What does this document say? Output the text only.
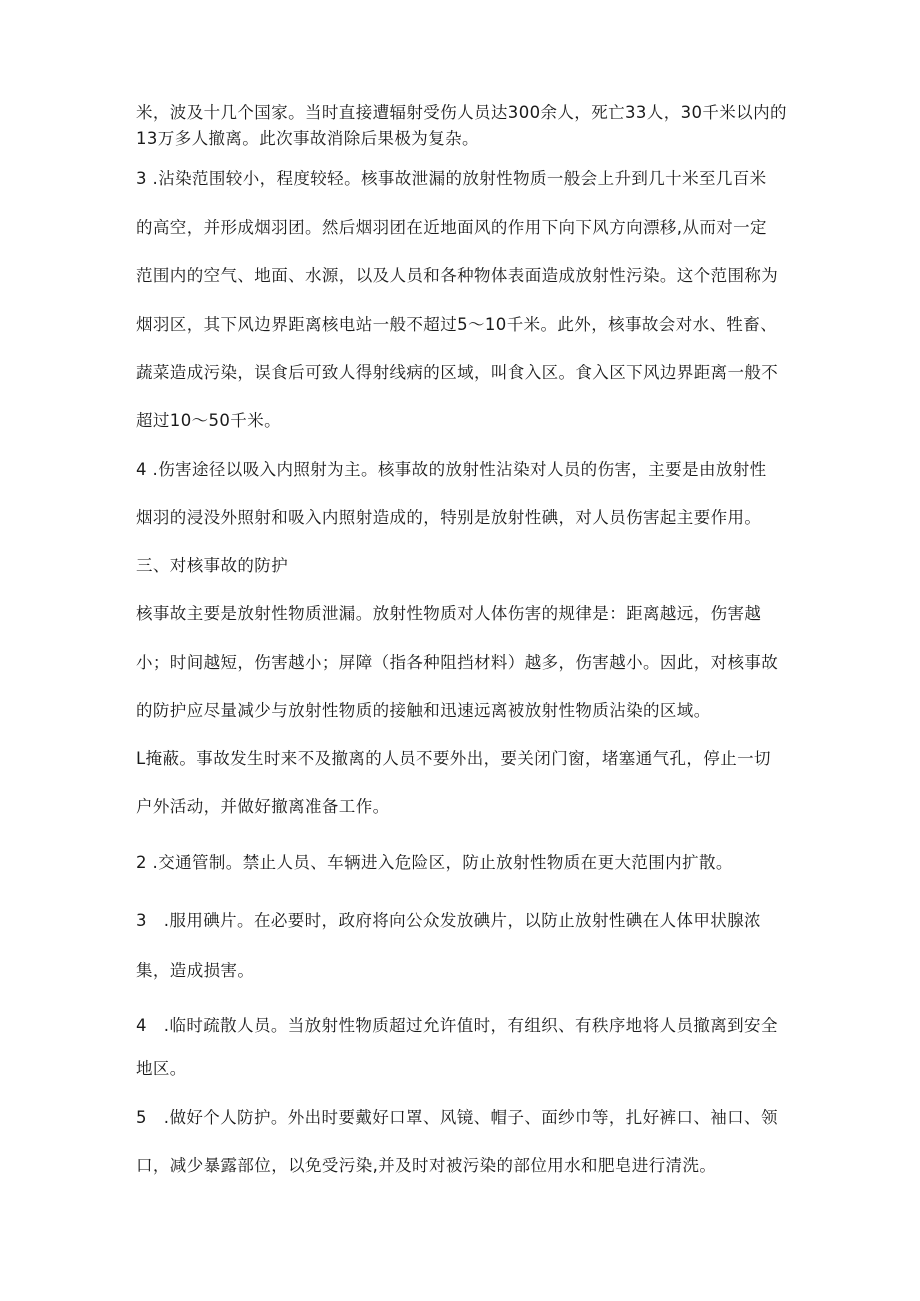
米，波及十几个国家。当时直接遭辐射受伤人员达300余人，死亡33人，30千米以内的
13万多人撤离。此次事故消除后果极为复杂。
3 .沾染范围较小，程度较轻。核事故泄漏的放射性物质一般会上升到几十米至几百米
的高空，并形成烟羽团。然后烟羽团在近地面风的作用下向下风方向漂移,从而对一定
范围内的空气、地面、水源，以及人员和各种物体表面造成放射性污染。这个范围称为
烟羽区，其下风边界距离核电站一般不超过5～10千米。此外，核事故会对水、牲畜、
蔬菜造成污染，误食后可致人得射线病的区域，叫食入区。食入区下风边界距离一般不
超过10～50千米。
4 .伤害途径以吸入内照射为主。核事故的放射性沾染对人员的伤害，主要是由放射性
烟羽的浸没外照射和吸入内照射造成的，特别是放射性碘，对人员伤害起主要作用。
三、对核事故的防护
核事故主要是放射性物质泄漏。放射性物质对人体伤害的规律是：距离越远，伤害越
小；时间越短，伤害越小；屏障（指各种阻挡材料）越多，伤害越小。因此，对核事故
的防护应尽量减少与放射性物质的接触和迅速远离被放射性物质沾染的区域。
L掩蔽。事故发生时来不及撤离的人员不要外出，要关闭门窗，堵塞通气孔，停止一切
户外活动，并做好撤离准备工作。
2 .交通管制。禁止人员、车辆进入危险区，防止放射性物质在更大范围内扩散。
3　.服用碘片。在必要时，政府将向公众发放碘片，以防止放射性碘在人体甲状腺浓
集，造成损害。
4　.临时疏散人员。当放射性物质超过允许值时，有组织、有秩序地将人员撤离到安全
地区。
5　.做好个人防护。外出时要戴好口罩、风镜、帽子、面纱巾等，扎好裤口、袖口、领
口，减少暴露部位，以免受污染,并及时对被污染的部位用水和肥皂进行清洗。
